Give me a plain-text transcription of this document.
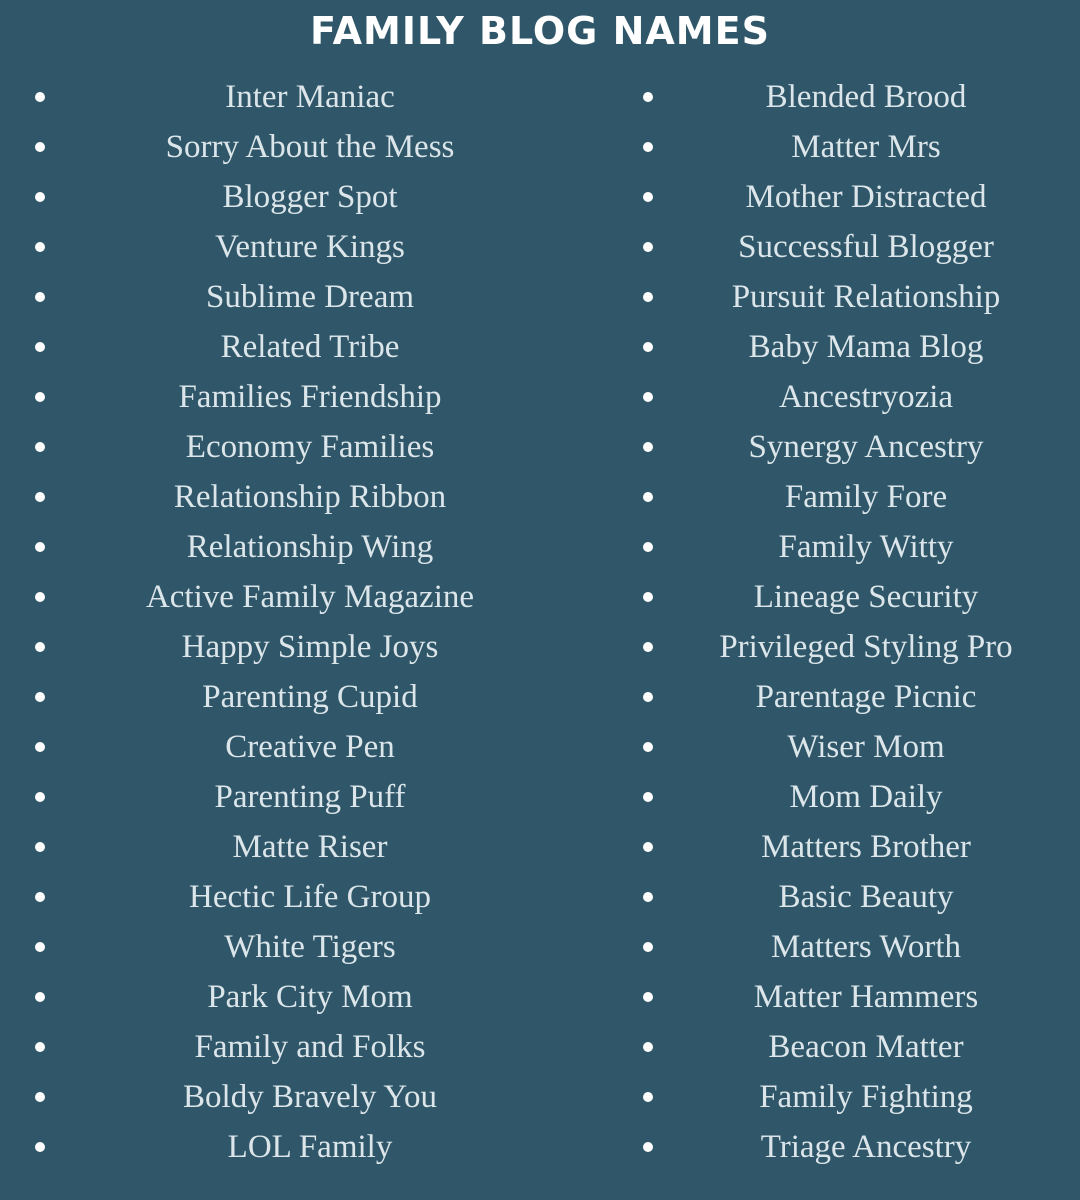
FAMILY BLOG NAMES
Inter Maniac
Sorry About the Mess
Blogger Spot
Venture Kings
Sublime Dream
Related Tribe
Families Friendship
Economy Families
Relationship Ribbon
Relationship Wing
Active Family Magazine
Happy Simple Joys
Parenting Cupid
Creative Pen
Parenting Puff
Matte Riser
Hectic Life Group
White Tigers
Park City Mom
Family and Folks
Boldy Bravely You
LOL Family
Blended Brood
Matter Mrs
Mother Distracted
Successful Blogger
Pursuit Relationship
Baby Mama Blog
Ancestryozia
Synergy Ancestry
Family Fore
Family Witty
Lineage Security
Privileged Styling Pro
Parentage Picnic
Wiser Mom
Mom Daily
Matters Brother
Basic Beauty
Matters Worth
Matter Hammers
Beacon Matter
Family Fighting
Triage Ancestry
